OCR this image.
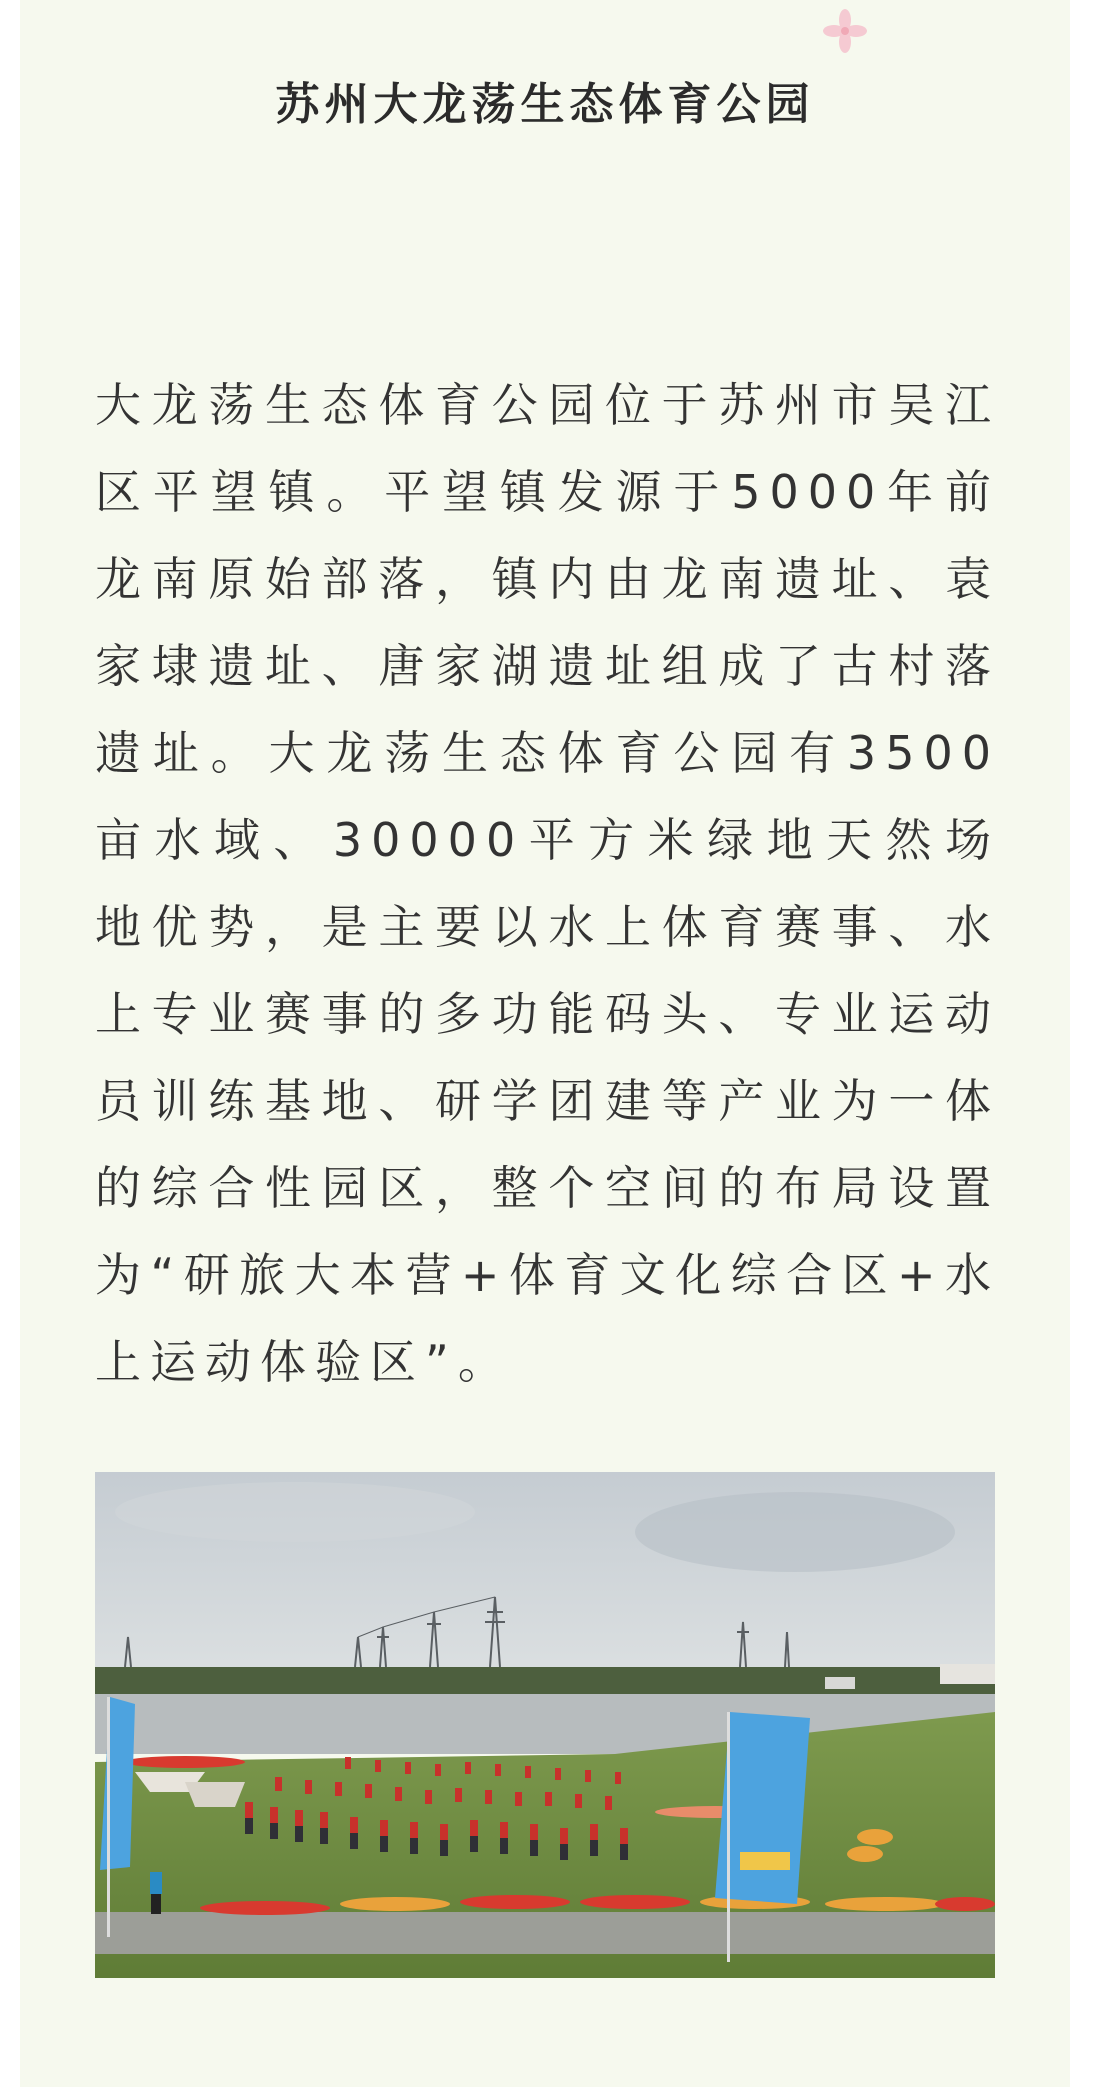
苏州大龙荡生态体育公园

大龙荡生态体育公园位于苏州市吴江区平望镇。平望镇发源于5000年前龙南原始部落，镇内由龙南遗址、袁家埭遗址、唐家湖遗址组成了古村落遗址。大龙荡生态体育公园有3500亩水域、30000平方米绿地天然场地优势，是主要以水上体育赛事、水上专业赛事的多功能码头、专业运动员训练基地、研学团建等产业为一体的综合性园区，整个空间的布局设置为“研旅大本营+体育文化综合区+水上运动体验区”。
